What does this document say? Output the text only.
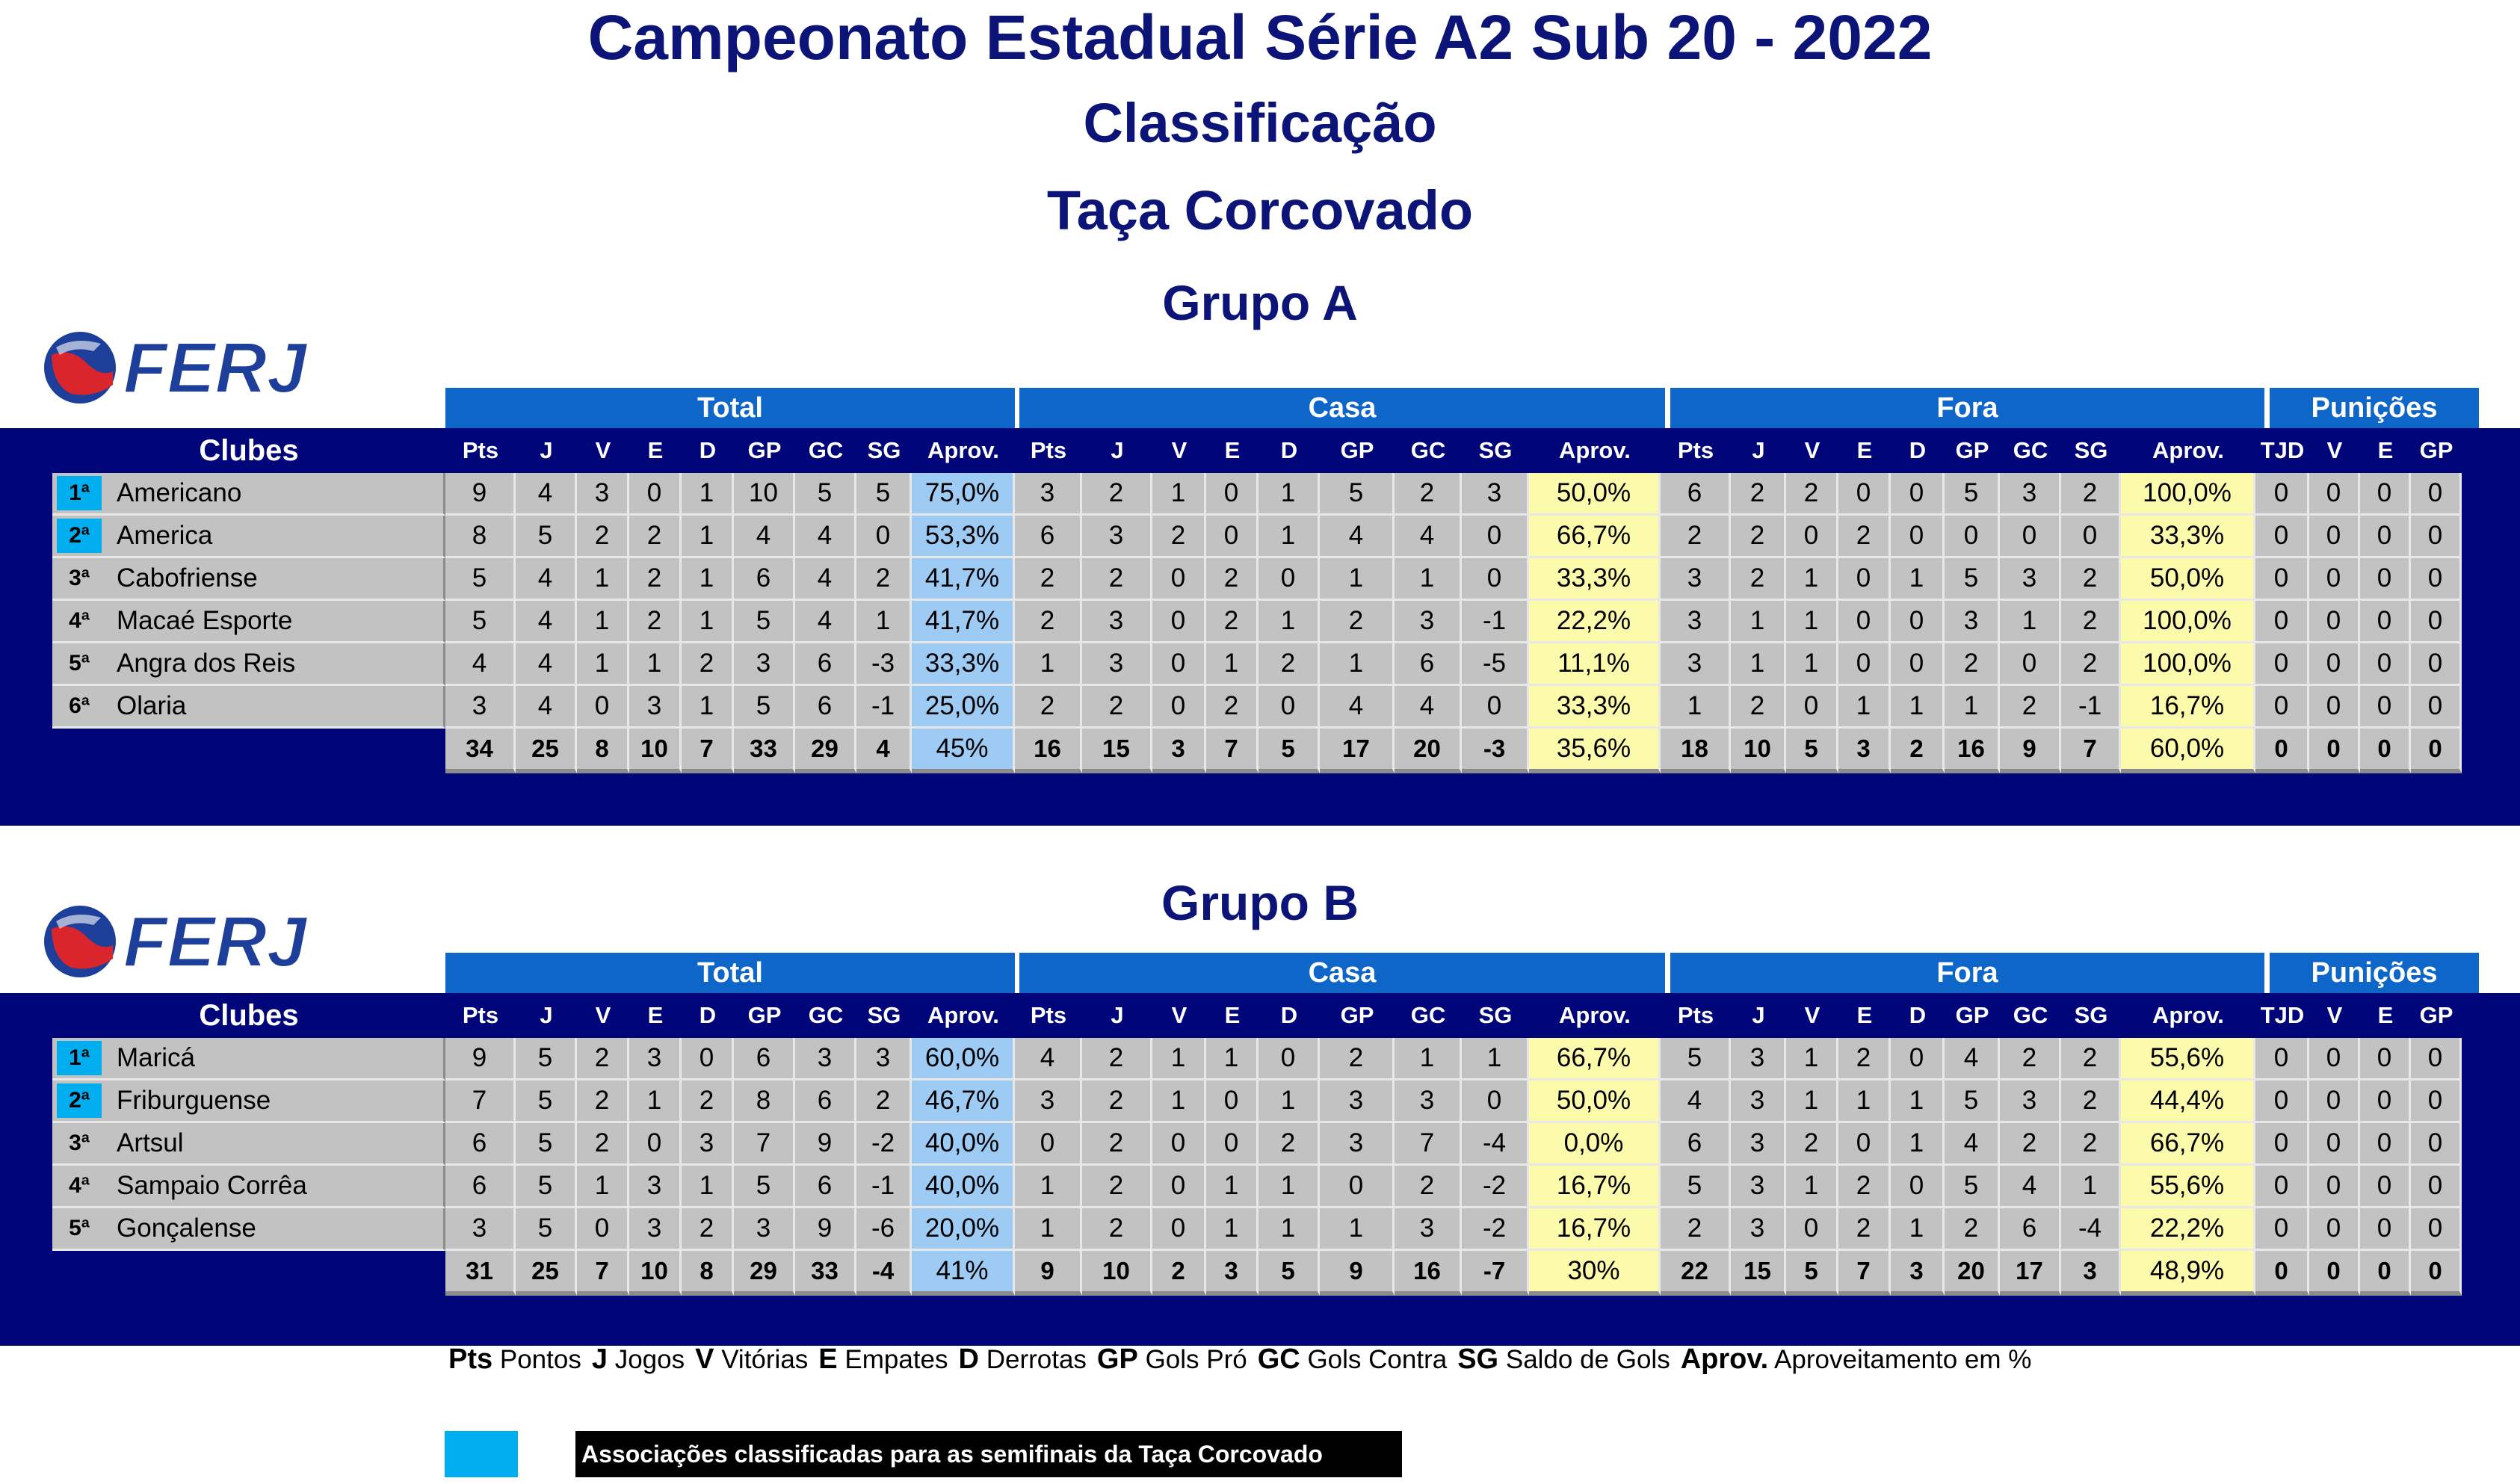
Campeonato Estadual Série A2 Sub 20 - 2022
Classificação
Taça Corcovado
Grupo A
FERJ	Total	Casa	Fora	Punições
Clubes		Pts	J	V	E	D	GP	GC	SG	Aprov.	Pts	J	V	E	D	GP	GC	SG	Aprov.	Pts	J	V	E	D	GP	GC	SG	Aprov.	TJD	V	E	GP
1ª	Americano	9	4	3	0	1	10	5	5	75,0%	3	2	1	0	1	5	2	3	50,0%	6	2	2	0	0	5	3	2	100,0%	0	0	0	0
2ª	America	8	5	2	2	1	4	4	0	53,3%	6	3	2	0	1	4	4	0	66,7%	2	2	0	2	0	0	0	0	33,3%	0	0	0	0
3ª	Cabofriense	5	4	1	2	1	6	4	2	41,7%	2	2	0	2	0	1	1	0	33,3%	3	2	1	0	1	5	3	2	50,0%	0	0	0	0
4ª	Macaé Esporte	5	4	1	2	1	5	4	1	41,7%	2	3	0	2	1	2	3	-1	22,2%	3	1	1	0	0	3	1	2	100,0%	0	0	0	0
5ª	Angra dos Reis	4	4	1	1	2	3	6	-3	33,3%	1	3	0	1	2	1	6	-5	11,1%	3	1	1	0	0	2	0	2	100,0%	0	0	0	0
6ª	Olaria	3	4	0	3	1	5	6	-1	25,0%	2	2	0	2	0	4	4	0	33,3%	1	2	0	1	1	1	2	-1	16,7%	0	0	0	0
		34	25	8	10	7	33	29	4	45%	16	15	3	7	5	17	20	-3	35,6%	18	10	5	3	2	16	9	7	60,0%	0	0	0	0
Grupo B
FERJ	Total	Casa	Fora	Punições
Clubes		Pts	J	V	E	D	GP	GC	SG	Aprov.	Pts	J	V	E	D	GP	GC	SG	Aprov.	Pts	J	V	E	D	GP	GC	SG	Aprov.	TJD	V	E	GP
1ª	Maricá	9	5	2	3	0	6	3	3	60,0%	4	2	1	1	0	2	1	1	66,7%	5	3	1	2	0	4	2	2	55,6%	0	0	0	0
2ª	Friburguense	7	5	2	1	2	8	6	2	46,7%	3	2	1	0	1	3	3	0	50,0%	4	3	1	1	1	5	3	2	44,4%	0	0	0	0
3ª	Artsul	6	5	2	0	3	7	9	-2	40,0%	0	2	0	0	2	3	7	-4	0,0%	6	3	2	0	1	4	2	2	66,7%	0	0	0	0
4ª	Sampaio Corrêa	6	5	1	3	1	5	6	-1	40,0%	1	2	0	1	1	0	2	-2	16,7%	5	3	1	2	0	5	4	1	55,6%	0	0	0	0
5ª	Gonçalense	3	5	0	3	2	3	9	-6	20,0%	1	2	0	1	1	1	3	-2	16,7%	2	3	0	2	1	2	6	-4	22,2%	0	0	0	0
		31	25	7	10	8	29	33	-4	41%	9	10	2	3	5	9	16	-7	30%	22	15	5	7	3	20	17	3	48,9%	0	0	0	0
Pts Pontos J Jogos V Vitórias E Empates D Derrotas GP Gols Pró GC Gols Contra SG Saldo de Gols Aprov. Aproveitamento em %
Associações classificadas para as semifinais da Taça Corcovado
